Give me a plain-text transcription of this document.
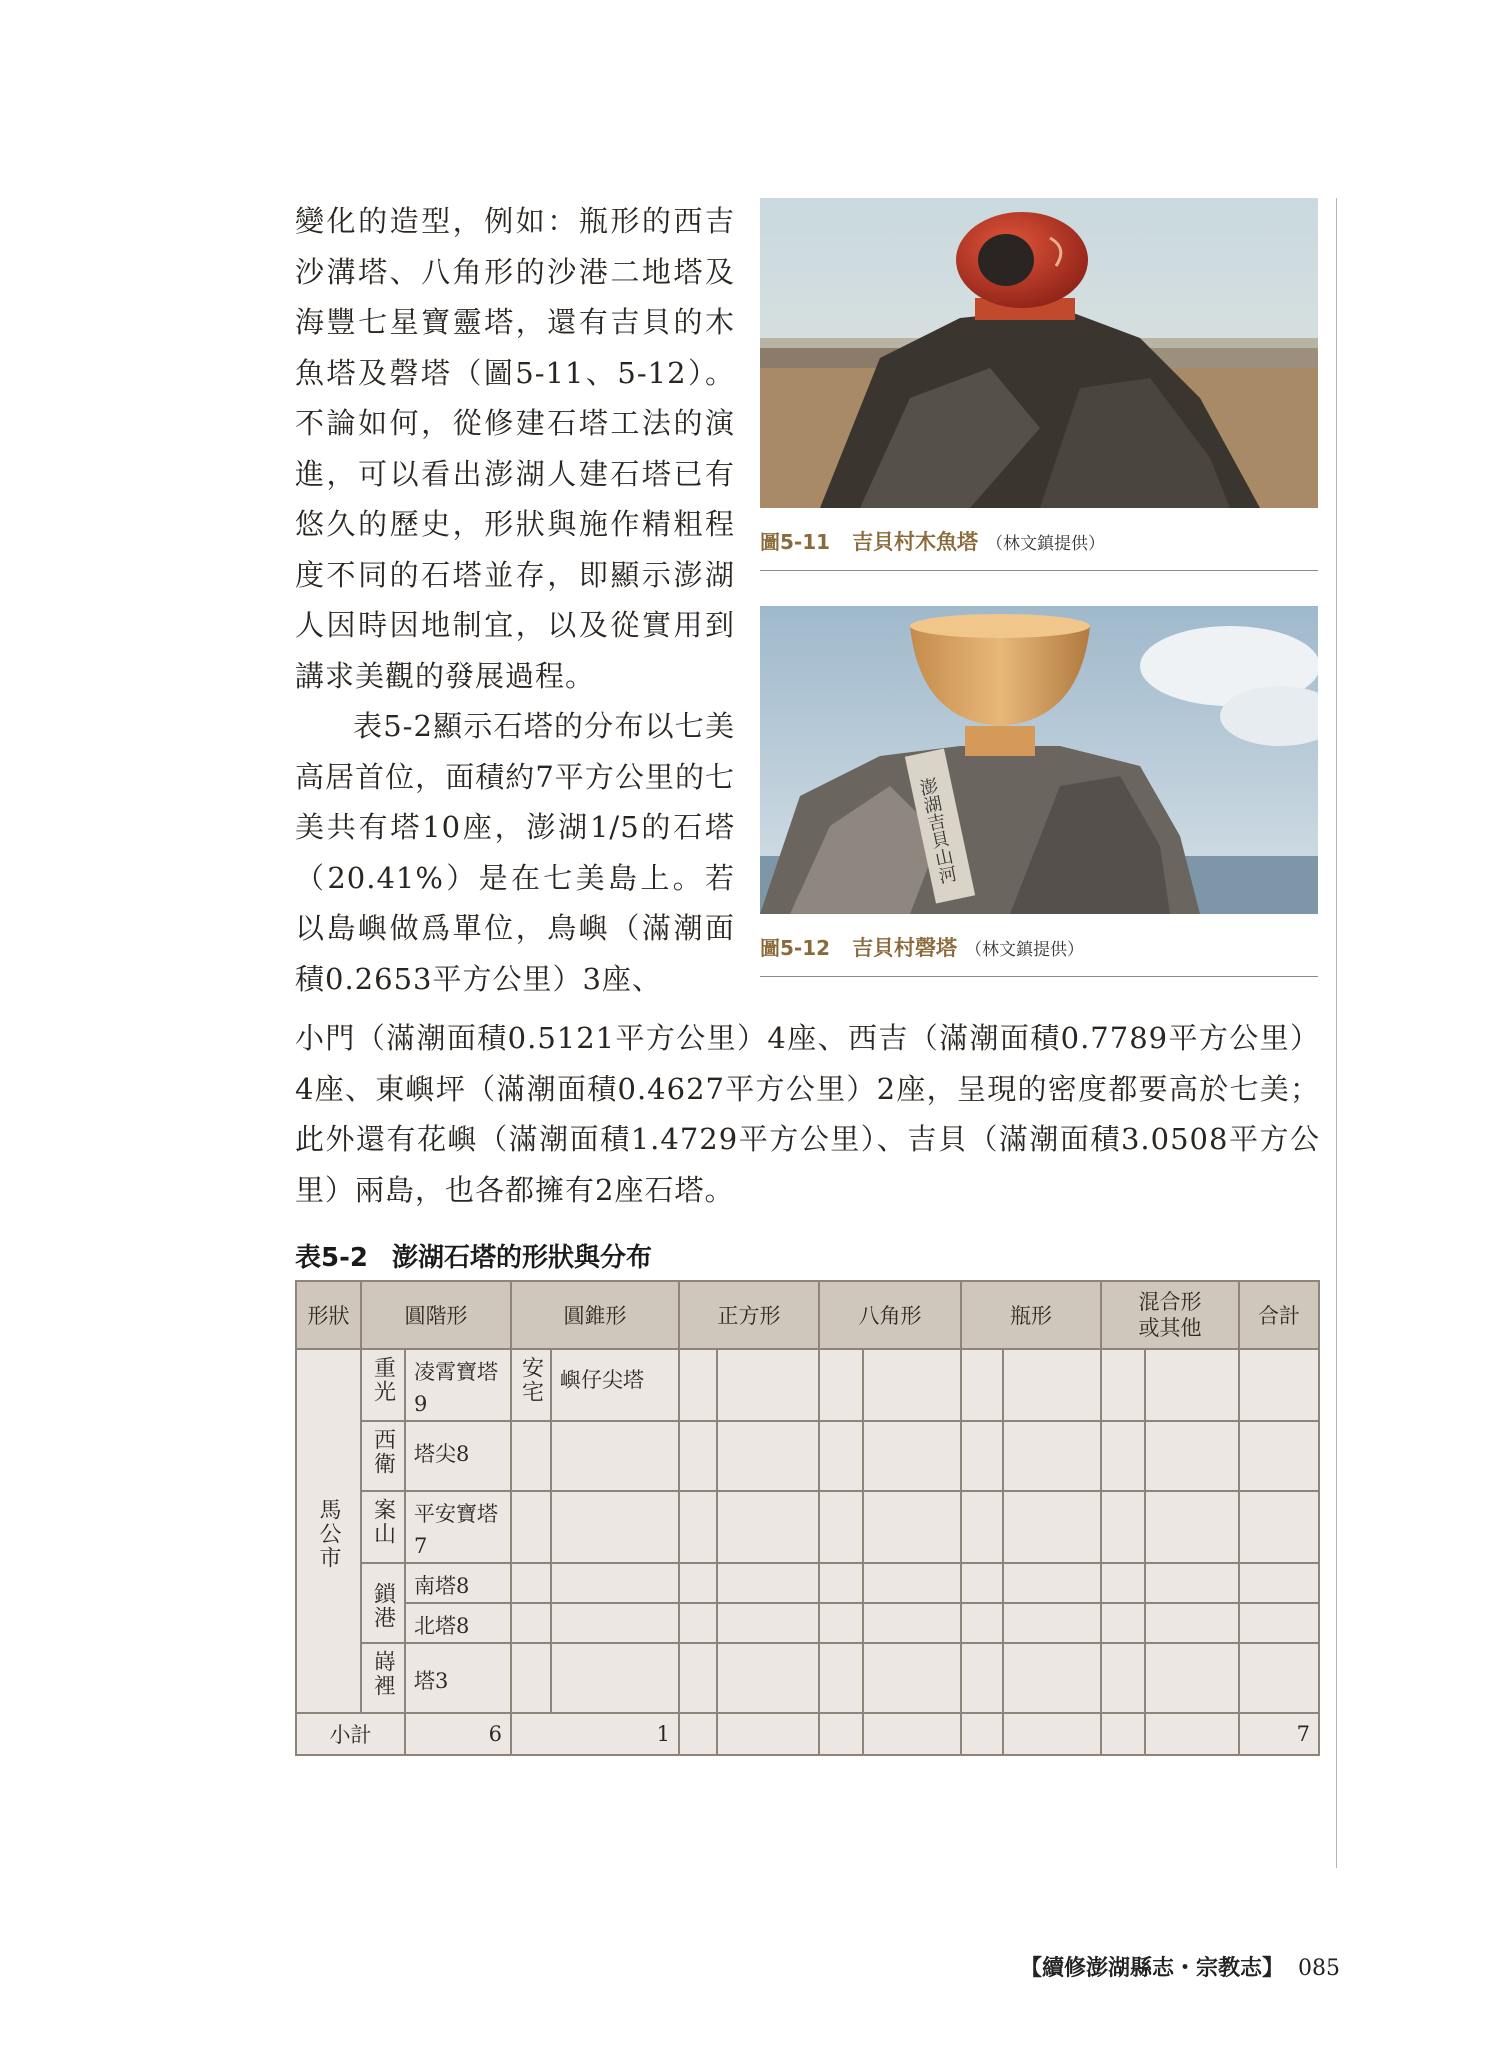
變化的造型，例如：瓶形的西吉沙溝塔、八角形的沙港二地塔及海豐七星寶靈塔，還有吉貝的木魚塔及磬塔（圖5-11、5-12）。不論如何，從修建石塔工法的演進，可以看出澎湖人建石塔已有悠久的歷史，形狀與施作精粗程度不同的石塔並存，即顯示澎湖人因時因地制宜，以及從實用到講求美觀的發展過程。

表5-2顯示石塔的分布以七美高居首位，面積約7平方公里的七美共有塔10座，澎湖1/5的石塔（20.41%）是在七美島上。若以島嶼做爲單位，鳥嶼（滿潮面積0.2653平方公里）3座、

圖5-11 吉貝村木魚塔 （林文鎮提供）
澎湖吉貝山河
圖5-12 吉貝村磬塔 （林文鎮提供）

小門（滿潮面積0.5121平方公里）4座、西吉（滿潮面積0.7789平方公里）4座、東嶼坪（滿潮面積0.4627平方公里）2座，呈現的密度都要高於七美；此外還有花嶼（滿潮面積1.4729平方公里）、吉貝（滿潮面積3.0508平方公里）兩島，也各都擁有2座石塔。

表5-2 澎湖石塔的形狀與分布
形狀	圓階形		圓錐形		正方形		八角形		瓶形		混合形或其他		合計

馬公市	重光	凌霄寶塔 9	安宅	嶼仔尖塔									

	西衛	塔尖8											

	案山	平安寶塔 7											

	鎖港	南塔8											
		北塔8											

	嵵裡	塔3											
小計		6	1										7
【續修澎湖縣志・宗教志】 085
